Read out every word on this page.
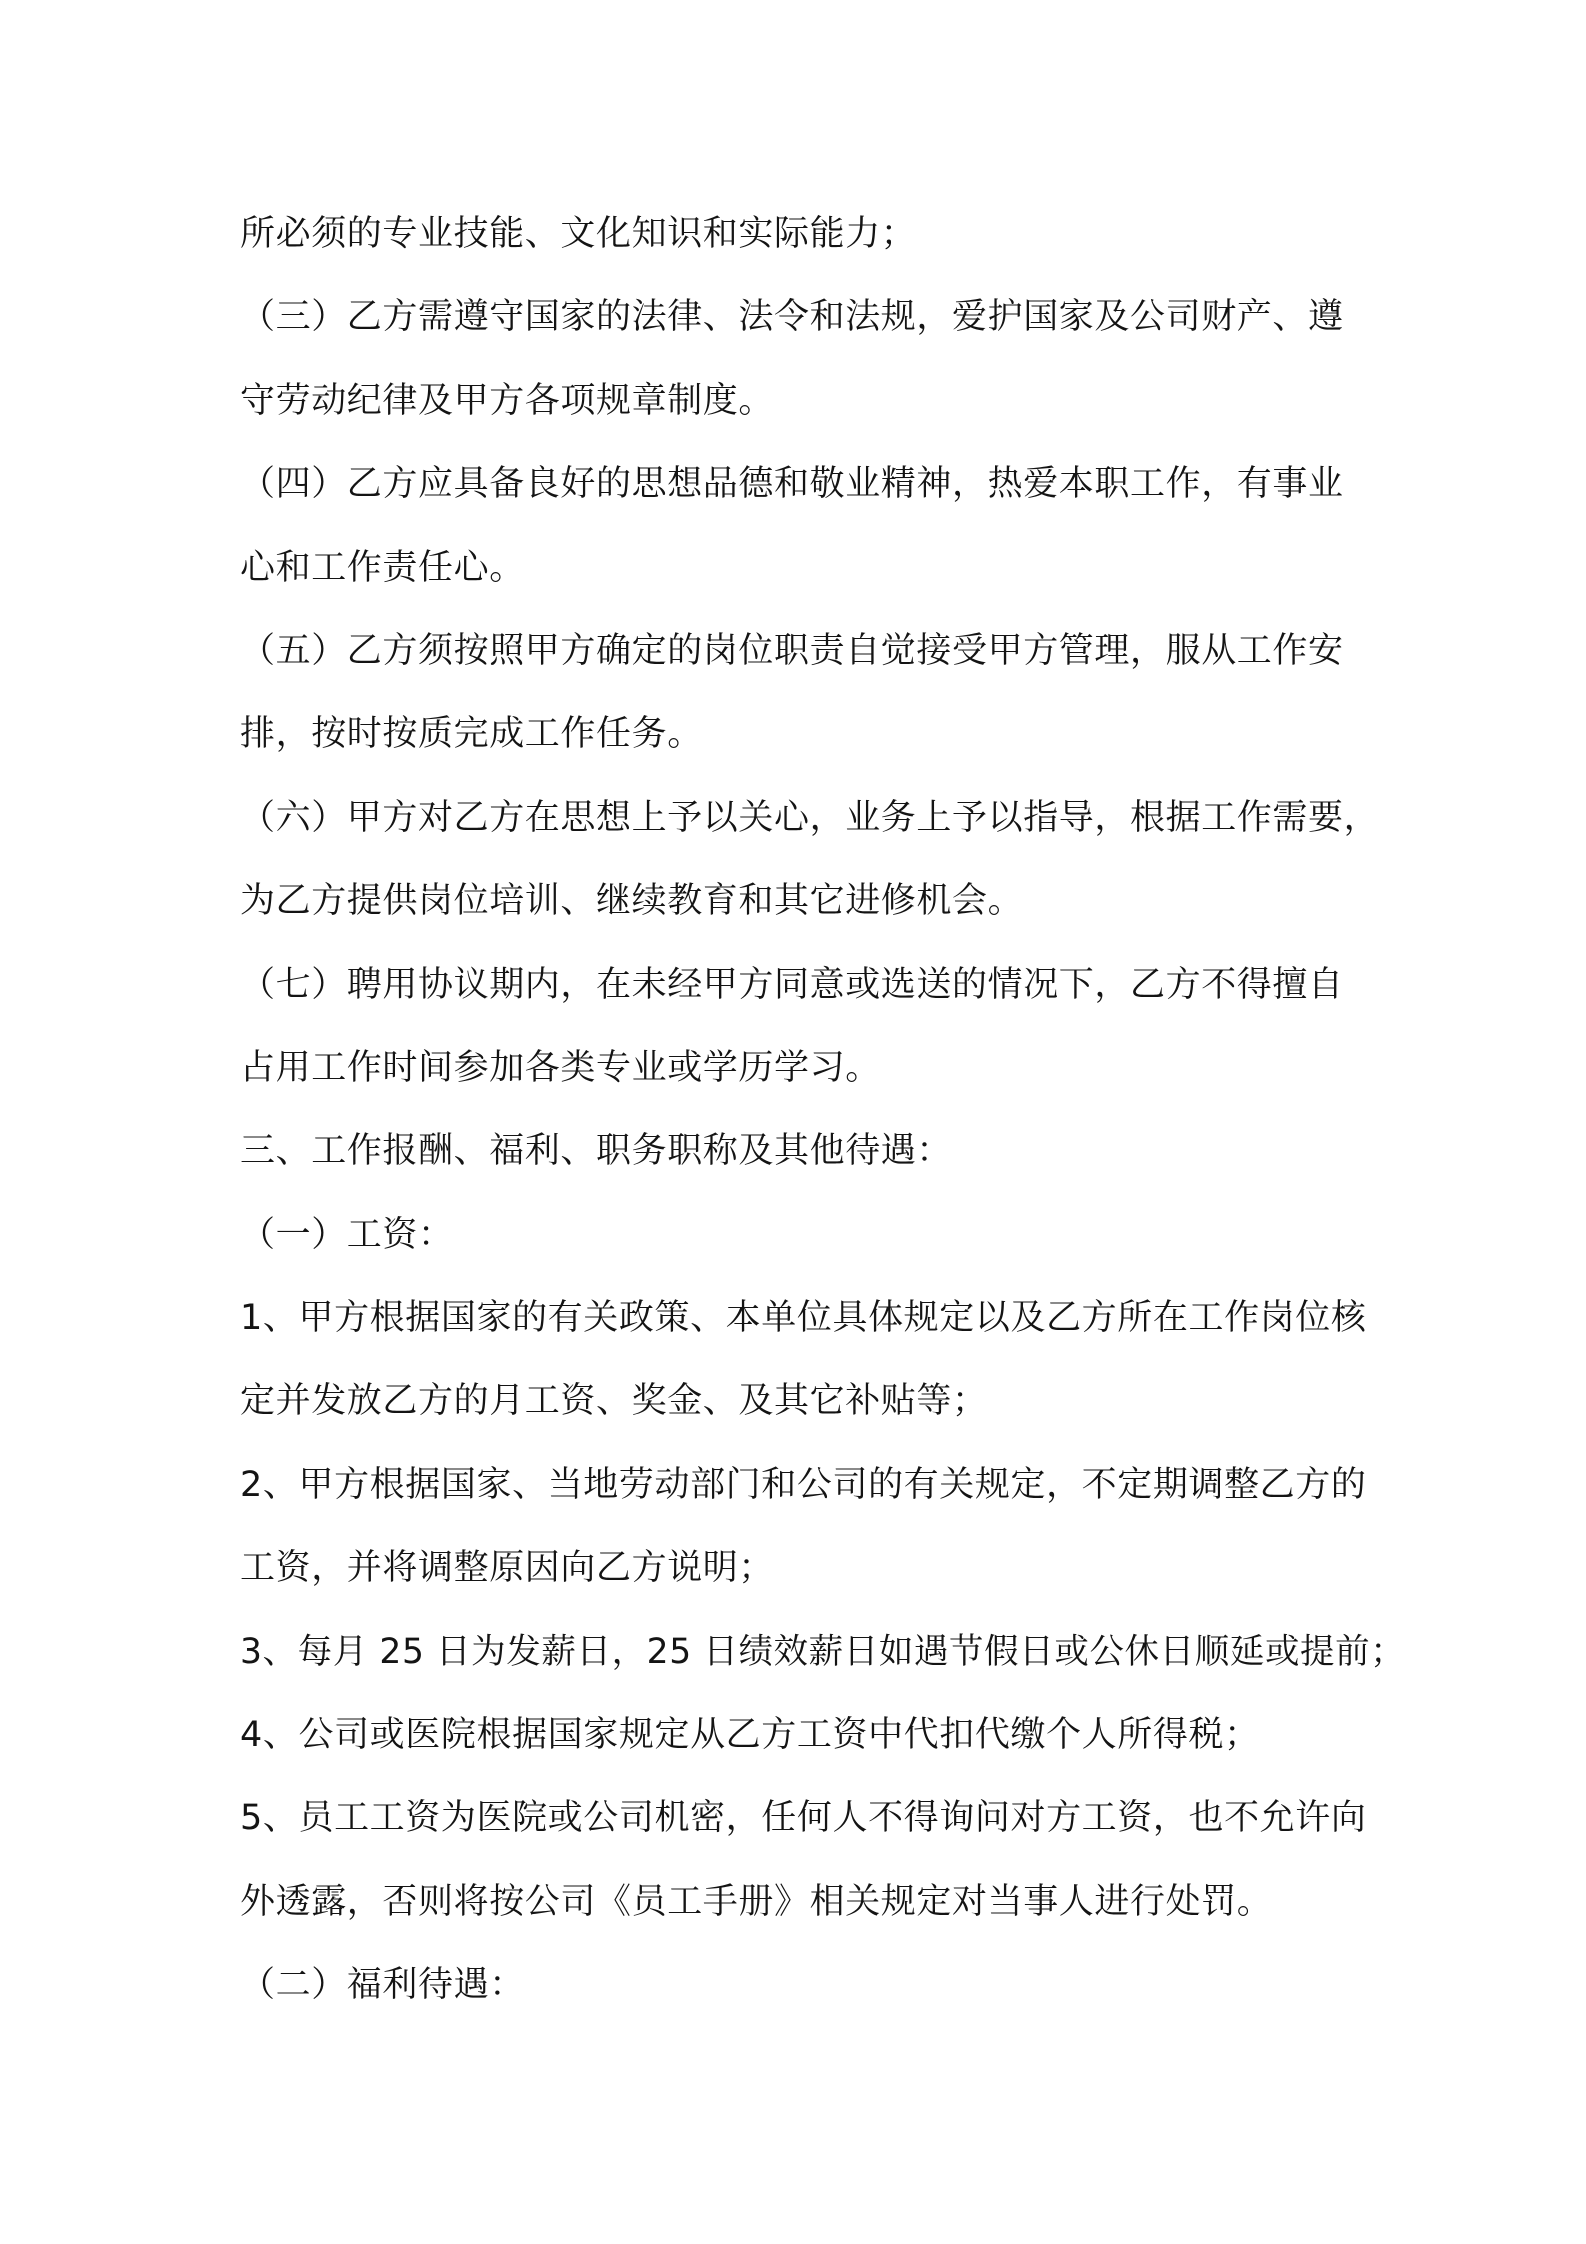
所必须的专业技能、文化知识和实际能力；

（三）乙方需遵守国家的法律、法令和法规，爱护国家及公司财产、遵

守劳动纪律及甲方各项规章制度。

（四）乙方应具备良好的思想品德和敬业精神，热爱本职工作，有事业

心和工作责任心。

（五）乙方须按照甲方确定的岗位职责自觉接受甲方管理，服从工作安

排，按时按质完成工作任务。

（六）甲方对乙方在思想上予以关心，业务上予以指导，根据工作需要，

为乙方提供岗位培训、继续教育和其它进修机会。

（七）聘用协议期内，在未经甲方同意或选送的情况下，乙方不得擅自

占用工作时间参加各类专业或学历学习。

三、工作报酬、福利、职务职称及其他待遇：

（一）工资：

1、甲方根据国家的有关政策、本单位具体规定以及乙方所在工作岗位核

定并发放乙方的月工资、奖金、及其它补贴等；

2、甲方根据国家、当地劳动部门和公司的有关规定，不定期调整乙方的

工资，并将调整原因向乙方说明；

3、每月 25 日为发薪日，25 日绩效薪日如遇节假日或公休日顺延或提前；

4、公司或医院根据国家规定从乙方工资中代扣代缴个人所得税；

5、员工工资为医院或公司机密，任何人不得询问对方工资，也不允许向

外透露，否则将按公司《员工手册》相关规定对当事人进行处罚。

（二）福利待遇：
